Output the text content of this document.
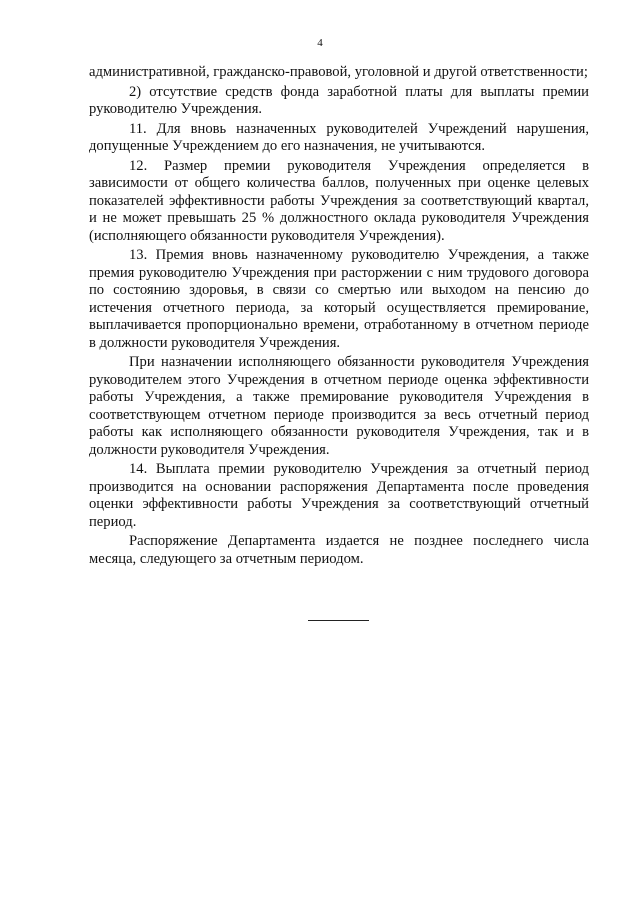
4

административной, гражданско-правовой, уголовной и другой ответственности;

2) отсутствие средств фонда заработной платы для выплаты премии руководителю Учреждения.

11. Для вновь назначенных руководителей Учреждений нарушения, допущенные Учреждением до его назначения, не учитываются.

12. Размер премии руководителя Учреждения определяется в зависимости от общего количества баллов, полученных при оценке целевых показателей эффективности работы Учреждения за соответствующий квартал, и не может превышать 25 % должностного оклада руководителя Учреждения (исполняющего обязанности руководителя Учреждения).

13. Премия вновь назначенному руководителю Учреждения, а также премия руководителю Учреждения при расторжении с ним трудового договора по состоянию здоровья, в связи со смертью или выходом на пенсию до истечения отчетного периода, за который осуществляется премирование, выплачивается пропорционально времени, отработанному в отчетном периоде в должности руководителя Учреждения.

При назначении исполняющего обязанности руководителя Учреждения руководителем этого Учреждения в отчетном периоде оценка эффективности работы Учреждения, а также премирование руководителя Учреждения в соответствующем отчетном периоде производится за весь отчетный период работы как исполняющего обязанности руководителя Учреждения, так и в должности руководителя Учреждения.

14. Выплата премии руководителю Учреждения за отчетный период производится на основании распоряжения Департамента после проведения оценки эффективности работы Учреждения за соответствующий отчетный период.

Распоряжение Департамента издается не позднее последнего числа месяца, следующего за отчетным периодом.
